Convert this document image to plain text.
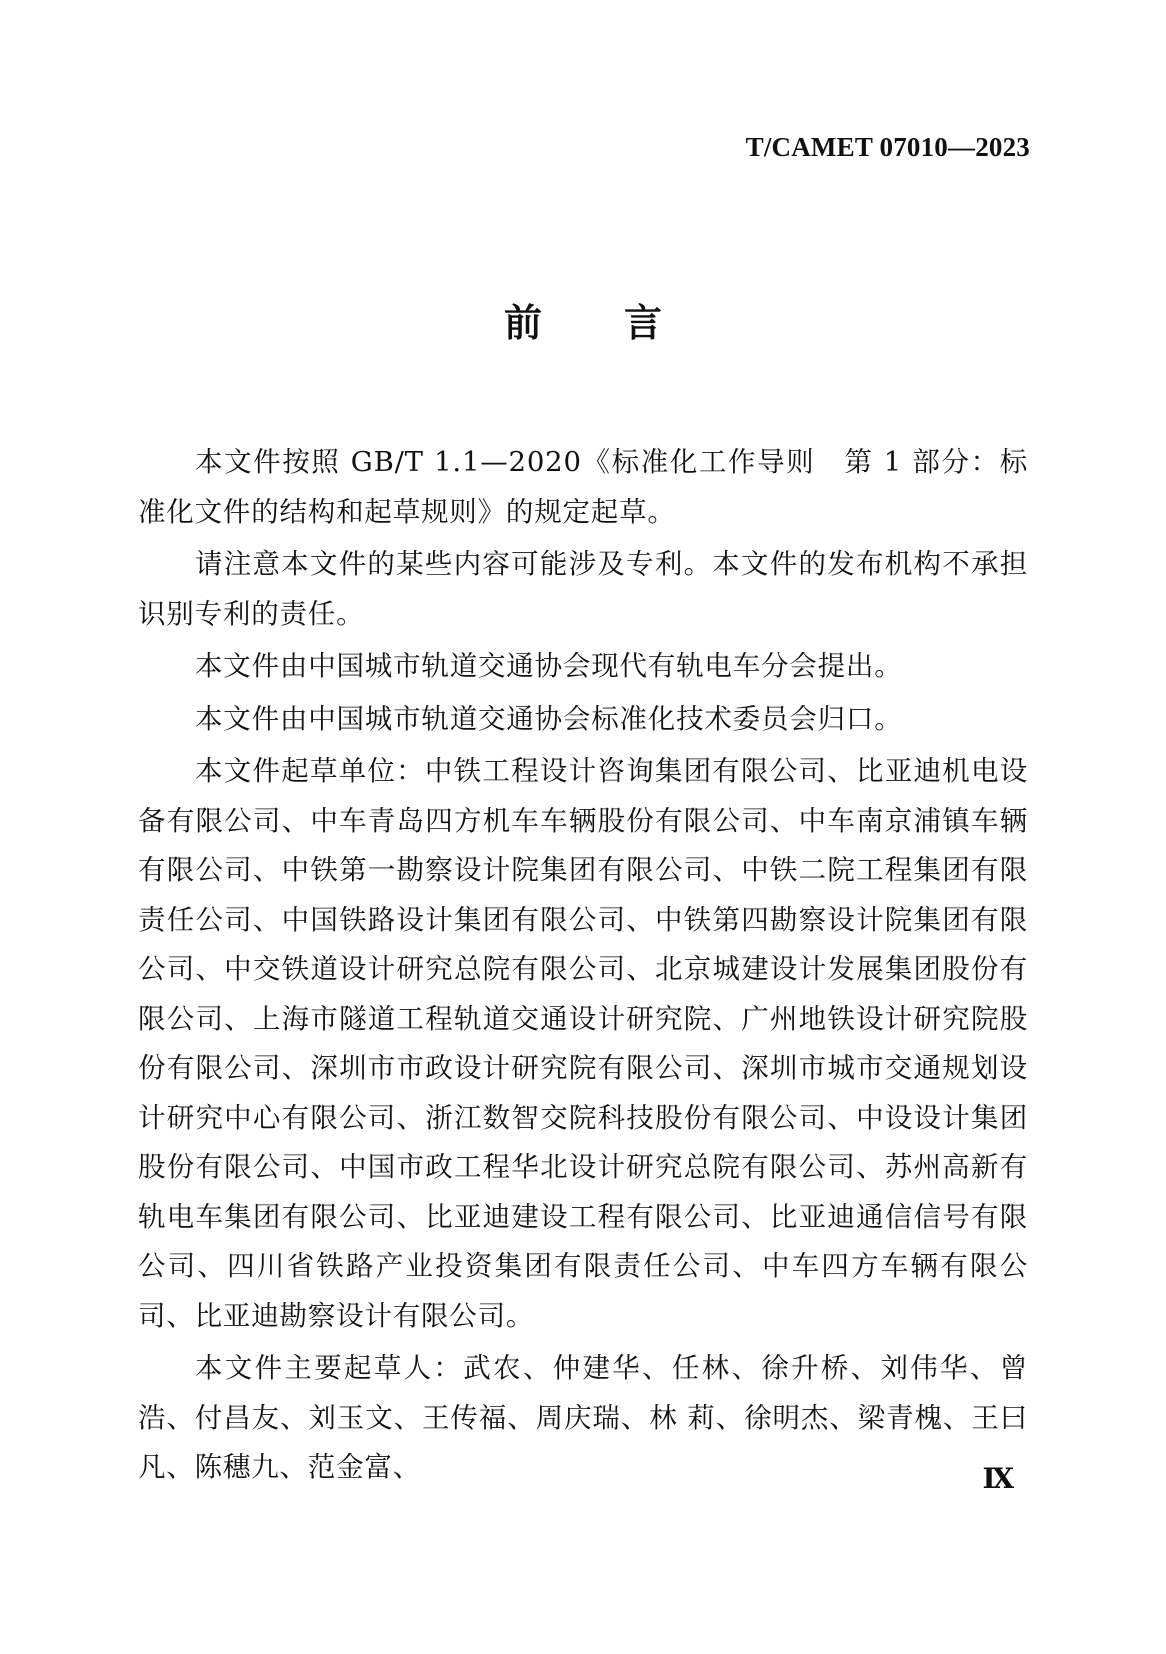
T/CAMET 07010—2023
前 言

本文件按照 GB/T 1.1—2020《标准化工作导则　第 1 部分：标准化文件的结构和起草规则》的规定起草。

请注意本文件的某些内容可能涉及专利。本文件的发布机构不承担识别专利的责任。

本文件由中国城市轨道交通协会现代有轨电车分会提出。

本文件由中国城市轨道交通协会标准化技术委员会归口。

本文件起草单位：中铁工程设计咨询集团有限公司、比亚迪机电设备有限公司、中车青岛四方机车车辆股份有限公司、中车南京浦镇车辆有限公司、中铁第一勘察设计院集团有限公司、中铁二院工程集团有限责任公司、中国铁路设计集团有限公司、中铁第四勘察设计院集团有限公司、中交铁道设计研究总院有限公司、北京城建设计发展集团股份有限公司、上海市隧道工程轨道交通设计研究院、广州地铁设计研究院股份有限公司、深圳市市政设计研究院有限公司、深圳市城市交通规划设计研究中心有限公司、浙江数智交院科技股份有限公司、中设设计集团股份有限公司、中国市政工程华北设计研究总院有限公司、苏州高新有轨电车集团有限公司、比亚迪建设工程有限公司、比亚迪通信信号有限公司、四川省铁路产业投资集团有限责任公司、中车四方车辆有限公司、比亚迪勘察设计有限公司。

本文件主要起草人：武农、仲建华、任林、徐升桥、刘伟华、曾浩、付昌友、刘玉文、王传福、周庆瑞、林 莉、徐明杰、梁青槐、王曰凡、陈穗九、范金富、	Ⅸ
